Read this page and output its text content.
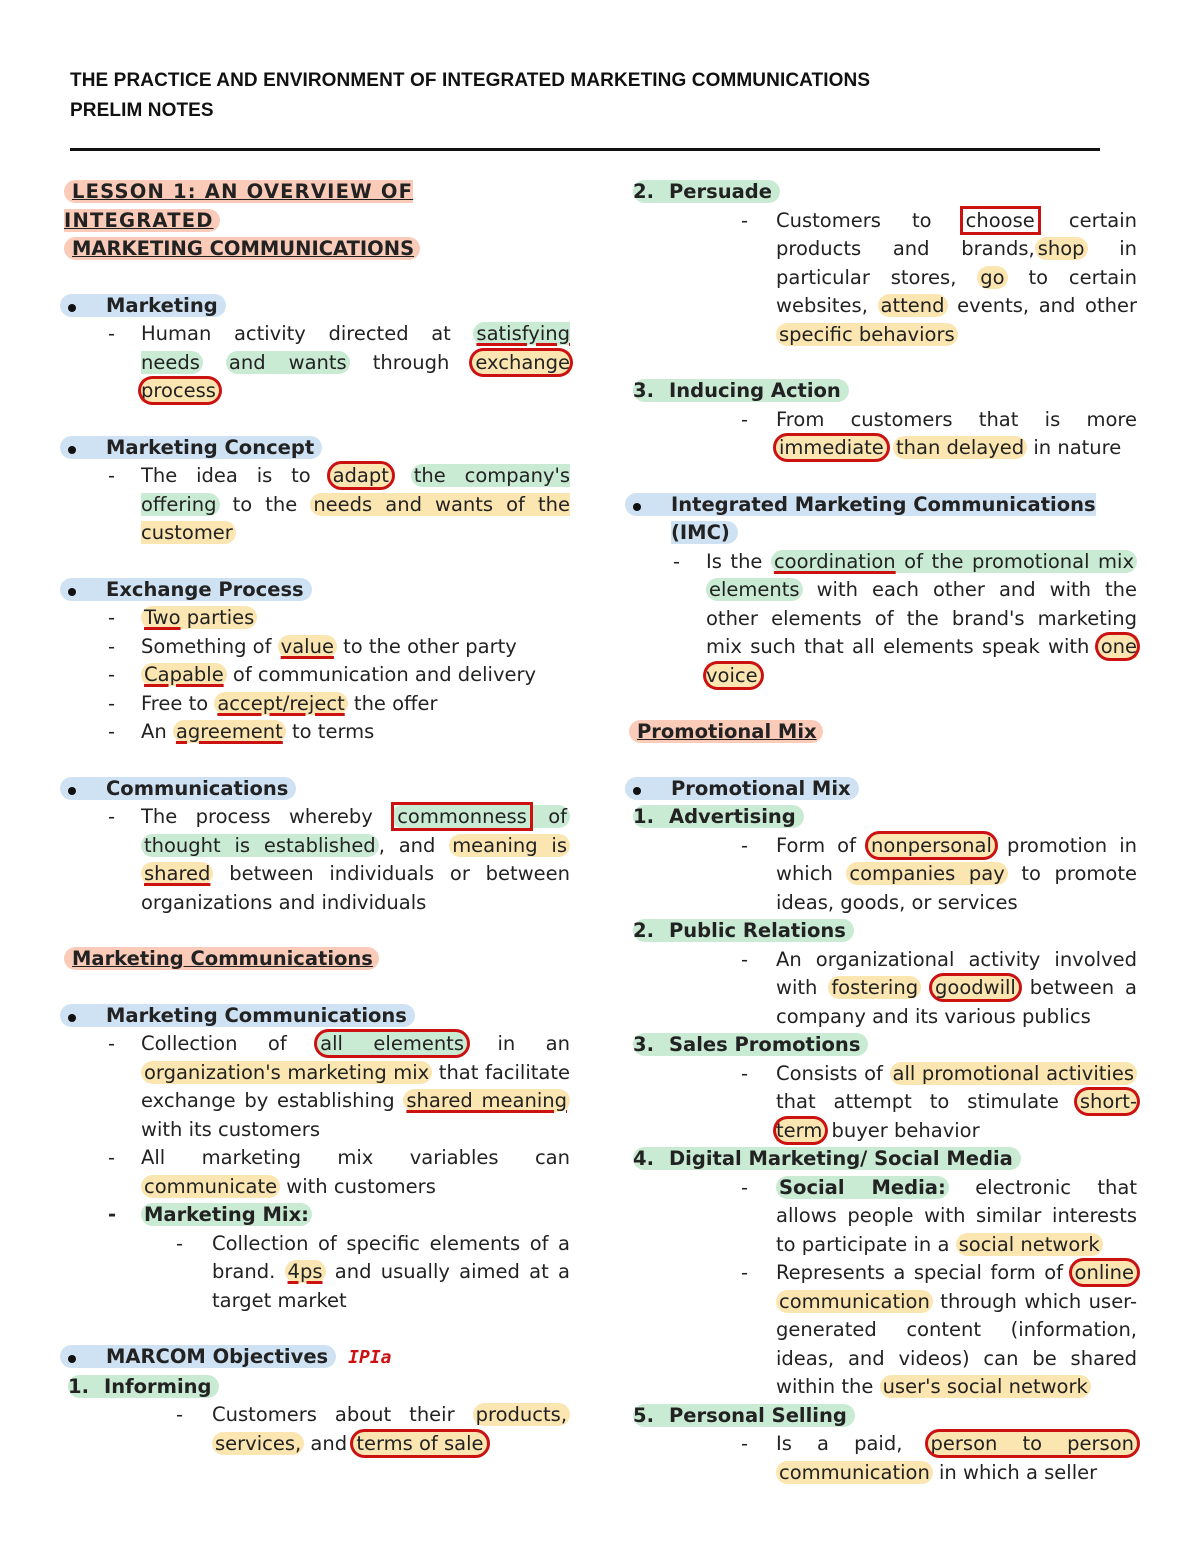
THE PRACTICE AND ENVIRONMENT OF INTEGRATED MARKETING COMMUNICATIONS
PRELIM NOTES
LESSON 1: AN OVERVIEW OF INTEGRATED
MARKETING COMMUNICATIONS
Marketing
- Human activity directed at satisfying needs and wants through exchange process
Marketing Concept
- The idea is to adapt the company's offering to the needs and wants of the customer
Exchange Process
- Two parties
- Something of value to the other party
- Capable of communication and delivery
- Free to accept/reject the offer
- An agreement to terms
Communications
- The process whereby commonness of thought is established , and meaning is shared between individuals or between organizations and individuals
Marketing Communications
Marketing Communications
- Collection of all elements in an organization's marketing mix that facilitate exchange by establishing shared meaning with its customers
- All marketing mix variables can communicate with customers
- Marketing Mix:
- Collection of specific elements of a brand. 4ps and usually aimed at a target market
MARCOM Objectives IPIa
1. Informing
- Customers about their products, services, and terms of sale
2. Persuade
- Customers to choose certain products and brands, shop in particular stores, go to certain websites, attend events, and other specific behaviors
3. Inducing Action
- From customers that is more immediate than delayed in nature
Integrated Marketing Communications (IMC)
- Is the coordination of the promotional mix elements with each other and with the other elements of the brand's marketing mix such that all elements speak with one voice
Promotional Mix
Promotional Mix
1. Advertising
- Form of nonpersonal promotion in which companies pay to promote ideas, goods, or services
2. Public Relations
- An organizational activity involved with fostering goodwill between a company and its various publics
3. Sales Promotions
- Consists of all promotional activities that attempt to stimulate short-term buyer behavior
4. Digital Marketing/ Social Media
- Social Media: electronic that allows people with similar interests to participate in a social network
- Represents a special form of online communication through which user-generated content (information, ideas, and videos) can be shared within the user's social network
5. Personal Selling
- Is a paid, person to person communication in which a seller
